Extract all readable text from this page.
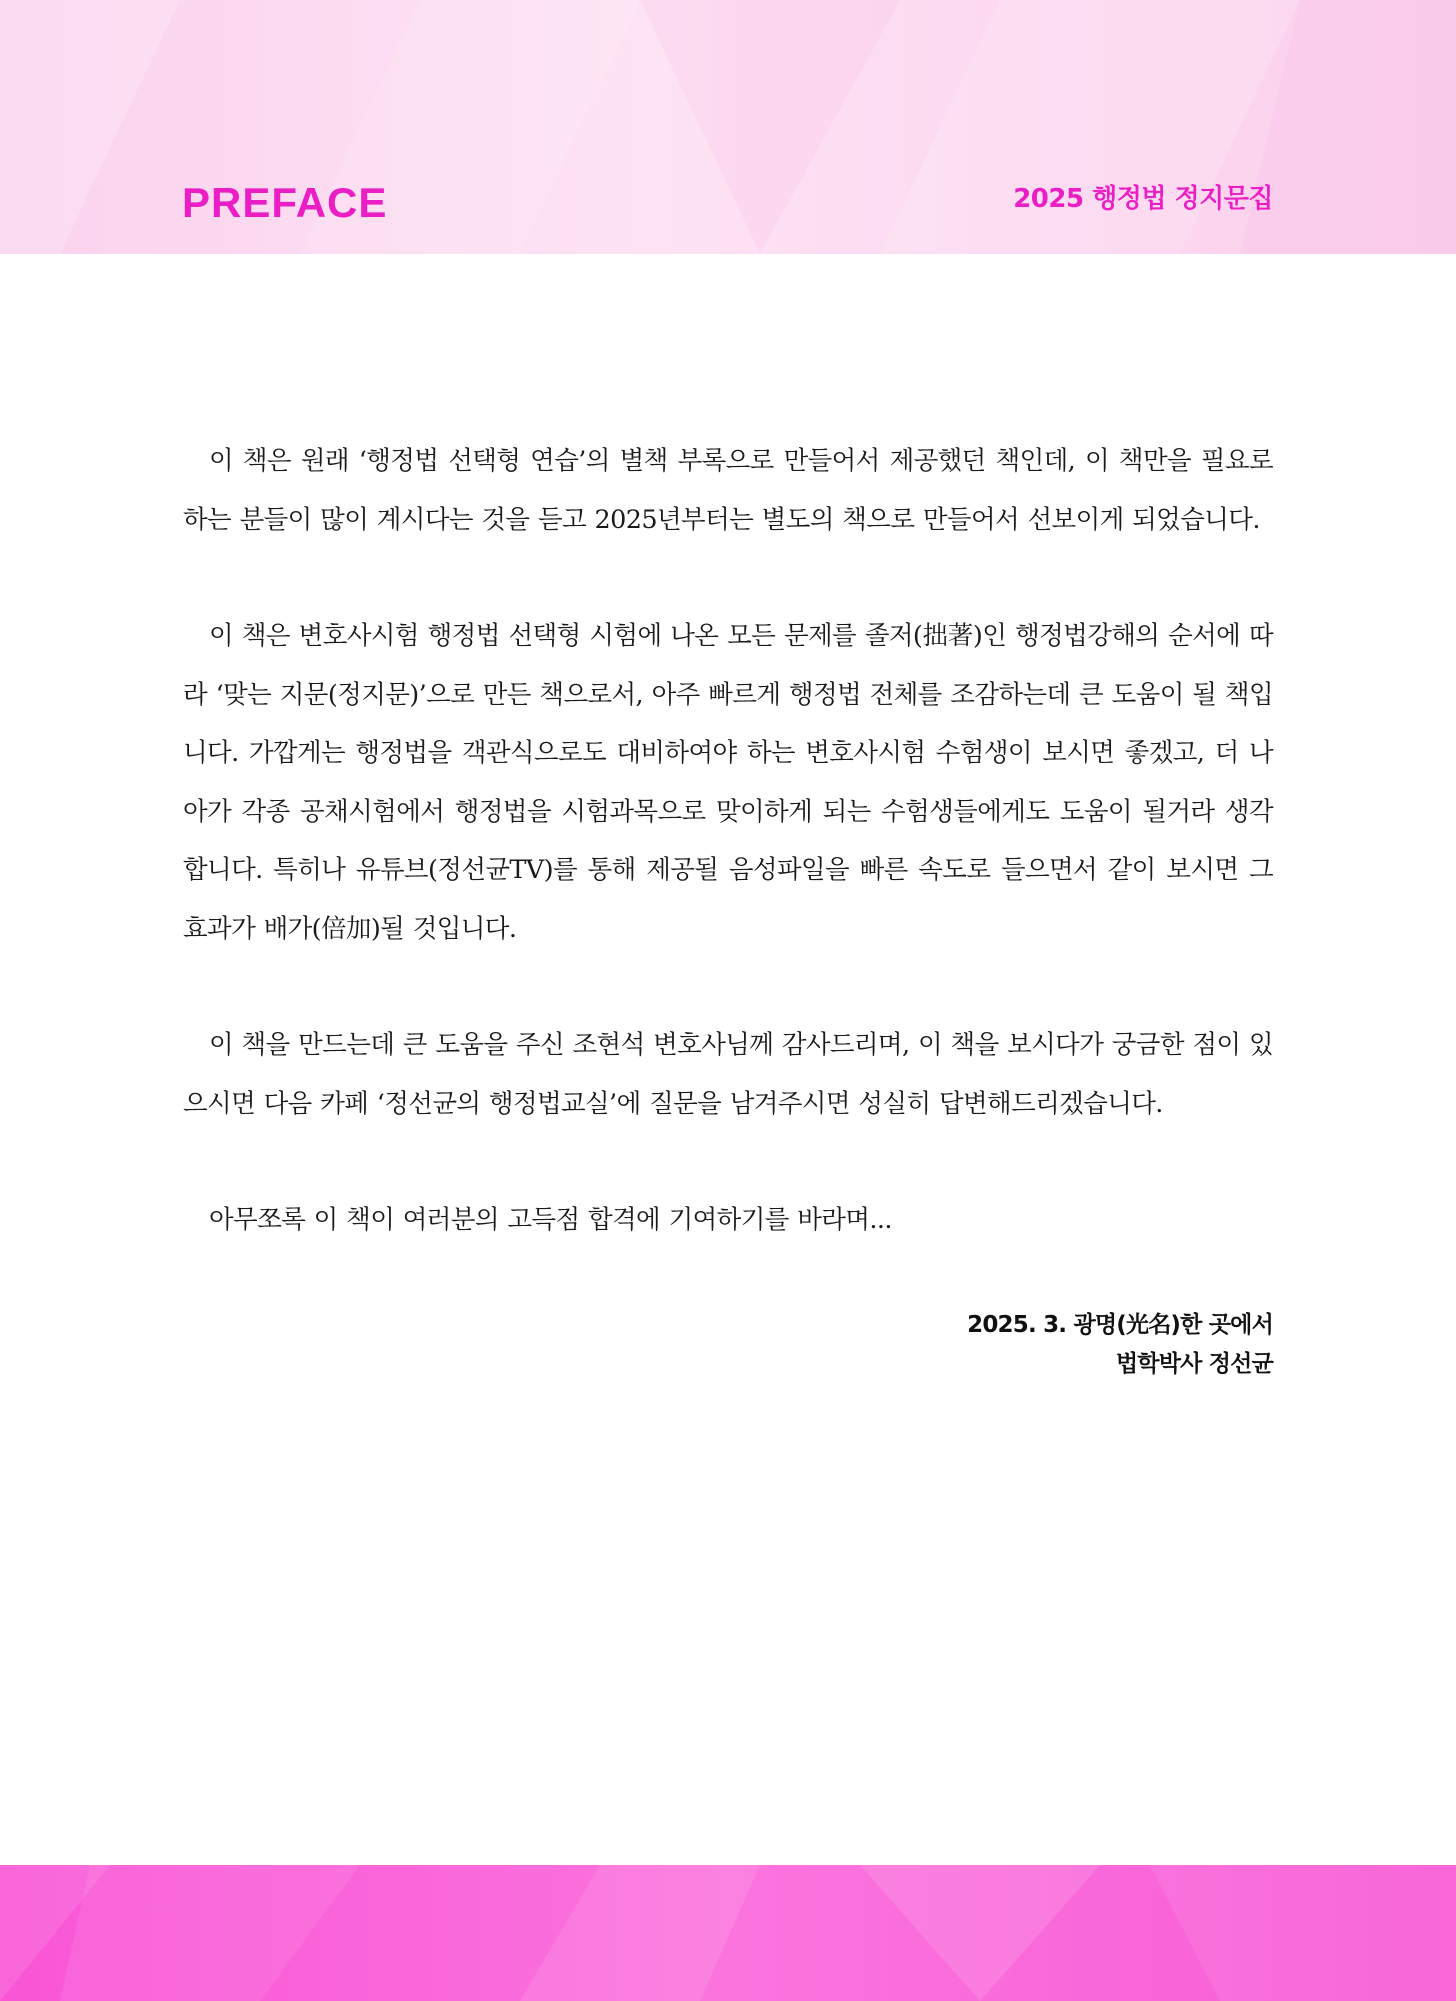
PREFACE	2025 행정법 정지문집

이 책은 원래 ‘행정법 선택형 연습’의 별책 부록으로 만들어서 제공했던 책인데, 이 책만을 필요로 하는 분들이 많이 계시다는 것을 듣고 2025년부터는 별도의 책으로 만들어서 선보이게 되었습니다.

이 책은 변호사시험 행정법 선택형 시험에 나온 모든 문제를 졸저(拙著)인 행정법강해의 순서에 따라 ‘맞는 지문(정지문)’으로 만든 책으로서, 아주 빠르게 행정법 전체를 조감하는데 큰 도움이 될 책입니다. 가깝게는 행정법을 객관식으로도 대비하여야 하는 변호사시험 수험생이 보시면 좋겠고, 더 나아가 각종 공채시험에서 행정법을 시험과목으로 맞이하게 되는 수험생들에게도 도움이 될거라 생각합니다. 특히나 유튜브(정선균TV)를 통해 제공될 음성파일을 빠른 속도로 들으면서 같이 보시면 그 효과가 배가(倍加)될 것입니다.

이 책을 만드는데 큰 도움을 주신 조현석 변호사님께 감사드리며, 이 책을 보시다가 궁금한 점이 있으시면 다음 카페 ‘정선균의 행정법교실’에 질문을 남겨주시면 성실히 답변해드리겠습니다.

아무쪼록 이 책이 여러분의 고득점 합격에 기여하기를 바라며...

2025. 3. 광명(光名)한 곳에서
법학박사 정선균
